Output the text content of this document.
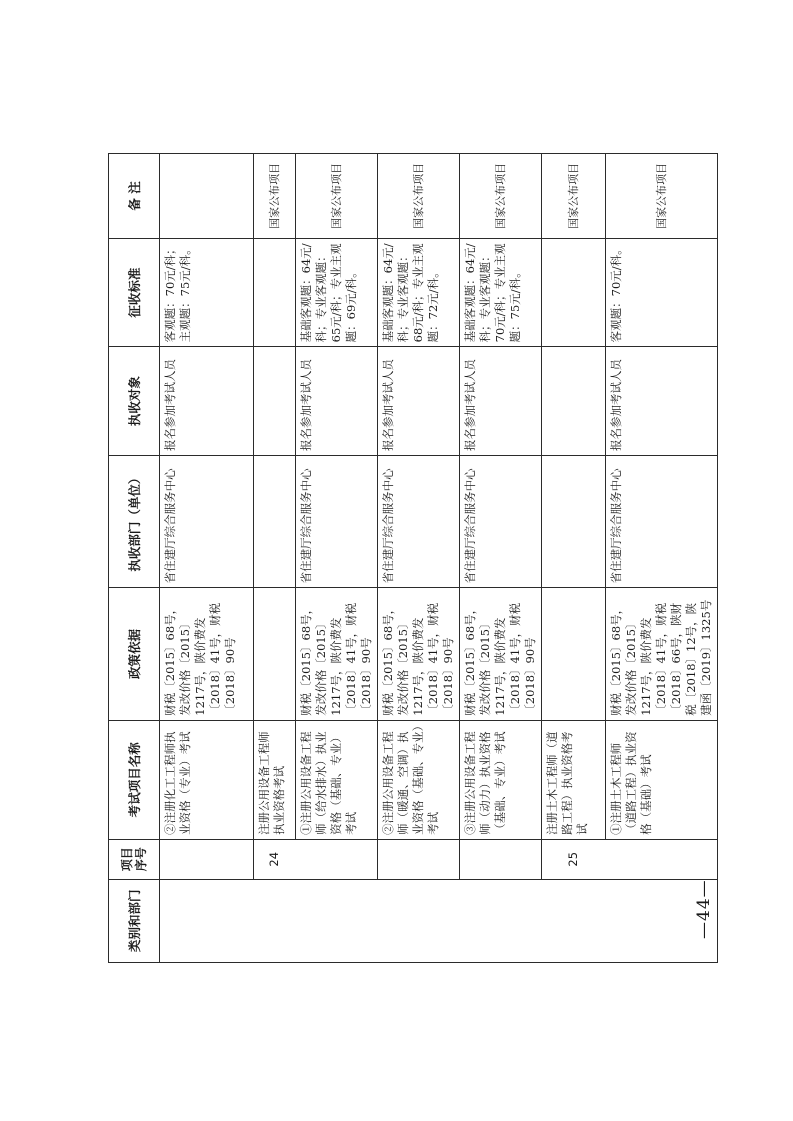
类别和部门	项目序号	考试项目名称	政策依据	执收部门（单位）	执收对象	征收标准	备 注
		②注册化工工程师执业资格（专业）考试	财税〔2015〕68号，发改价格〔2015〕1217号，陕价费发〔2018〕41号，财税〔2018〕90号	省住建厅综合服务中心	报名参加考试人员	客观题：70元/科；主观题：75元/科。	
	24	注册公用设备工程师执业资格考试					国家公布项目
		①注册公用设备工程师（给水排水）执业资格（基础、专业）考试	财税〔2015〕68号，发改价格〔2015〕1217号，陕价费发〔2018〕41号，财税〔2018〕90号	省住建厅综合服务中心	报名参加考试人员	基础客观题：64元/科；专业客观题：65元/科；专业主观题：69元/科。	国家公布项目
		②注册公用设备工程师（暖通、空调）执业资格（基础、专业）考试	财税〔2015〕68号，发改价格〔2015〕1217号，陕价费发〔2018〕41号，财税〔2018〕90号	省住建厅综合服务中心	报名参加考试人员	基础客观题：64元/科；专业客观题：68元/科；专业主观题：72元/科。	国家公布项目
		③注册公用设备工程师（动力）执业资格（基础、专业）考试	财税〔2015〕68号，发改价格〔2015〕1217号，陕价费发〔2018〕41号，财税〔2018〕90号	省住建厅综合服务中心	报名参加考试人员	基础客观题：64元/科；专业客观题：70元/科；专业主观题：75元/科。	国家公布项目
	25	注册土木工程师（道路工程）执业资格考试					国家公布项目
		①注册土木工程师（道路工程）执业资格（基础）考试	财税〔2015〕68号，发改价格〔2015〕1217号，陕价费发〔2018〕41号，财税〔2018〕66号，陕财税〔2018〕12号，陕建函〔2019〕1325号	省住建厅综合服务中心	报名参加考试人员	客观题：70元/科。	国家公布项目
—44—
